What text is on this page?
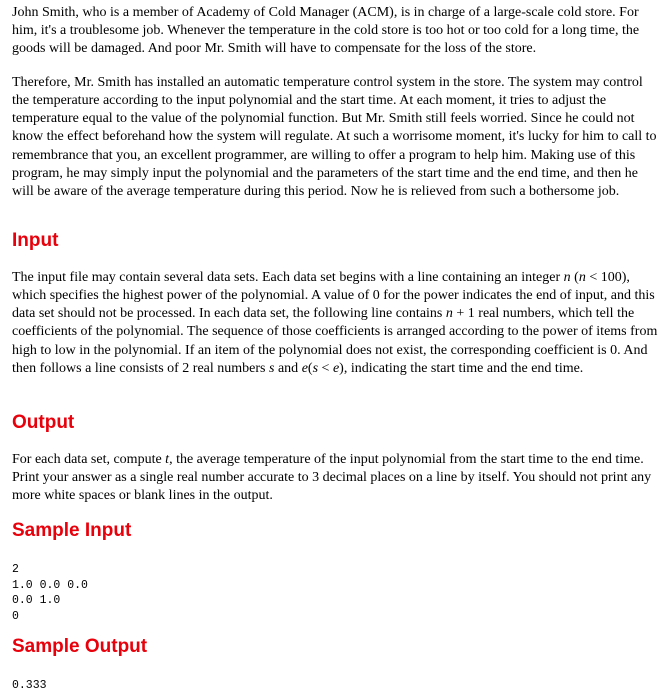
John Smith, who is a member of Academy of Cold Manager (ACM), is in charge of a large-scale cold store. For him, it's a troublesome job. Whenever the temperature in the cold store is too hot or too cold for a long time, the goods will be damaged. And poor Mr. Smith will have to compensate for the loss of the store.

Therefore, Mr. Smith has installed an automatic temperature control system in the store. The system may control the temperature according to the input polynomial and the start time. At each moment, it tries to adjust the temperature equal to the value of the polynomial function. But Mr. Smith still feels worried. Since he could not know the effect beforehand how the system will regulate. At such a worrisome moment, it's lucky for him to call to remembrance that you, an excellent programmer, are willing to offer a program to help him. Making use of this program, he may simply input the polynomial and the parameters of the start time and the end time, and then he will be aware of the average temperature during this period. Now he is relieved from such a bothersome job.

Input

The input file may contain several data sets. Each data set begins with a line containing an integer n (n < 100), which specifies the highest power of the polynomial. A value of 0 for the power indicates the end of input, and this data set should not be processed. In each data set, the following line contains n + 1 real numbers, which tell the coefficients of the polynomial. The sequence of those coefficients is arranged according to the power of items from high to low in the polynomial. If an item of the polynomial does not exist, the corresponding coefficient is 0. And then follows a line consists of 2 real numbers s and e(s < e), indicating the start time and the end time.

Output

For each data set, compute t, the average temperature of the input polynomial from the start time to the end time. Print your answer as a single real number accurate to 3 decimal places on a line by itself. You should not print any more white spaces or blank lines in the output.

Sample Input
2
1.0 0.0 0.0
0.0 1.0
0
Sample Output
0.333
